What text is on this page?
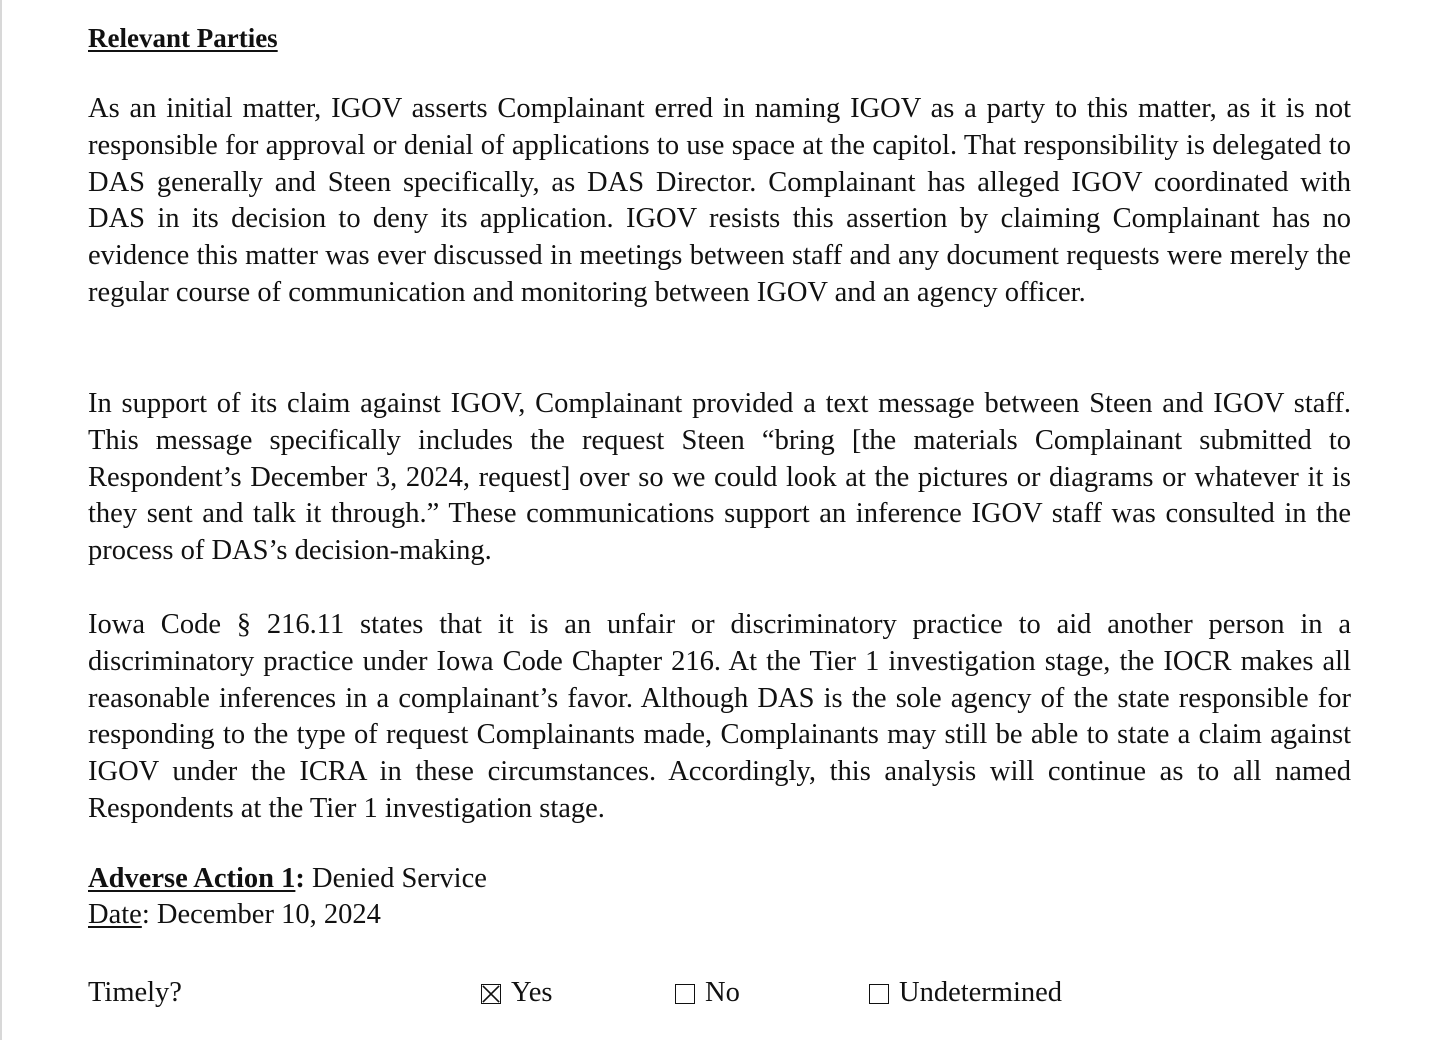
Relevant Parties

As an initial matter, IGOV asserts Complainant erred in naming IGOV as a party to this matter, as it is not responsible for approval or denial of applications to use space at the capitol. That responsibility is delegated to DAS generally and Steen specifically, as DAS Director. Complainant has alleged IGOV coordinated with DAS in its decision to deny its application. IGOV resists this assertion by claiming Complainant has no evidence this matter was ever discussed in meetings between staff and any document requests were merely the regular course of communication and monitoring between IGOV and an agency officer.

In support of its claim against IGOV, Complainant provided a text message between Steen and IGOV staff. This message specifically includes the request Steen “bring [the materials Complainant submitted to Respondent’s December 3, 2024, request] over so we could look at the pictures or diagrams or whatever it is they sent and talk it through.” These communications support an inference IGOV staff was consulted in the process of DAS’s decision-making.

Iowa Code § 216.11 states that it is an unfair or discriminatory practice to aid another person in a discriminatory practice under Iowa Code Chapter 216. At the Tier 1 investigation stage, the IOCR makes all reasonable inferences in a complainant’s favor. Although DAS is the sole agency of the state responsible for responding to the type of request Complainants made, Complainants may still be able to state a claim against IGOV under the ICRA in these circumstances. Accordingly, this analysis will continue as to all named Respondents at the Tier 1 investigation stage.

Adverse Action 1: Denied Service

Date: December 10, 2024

Timely?	Yes	No	Undetermined
